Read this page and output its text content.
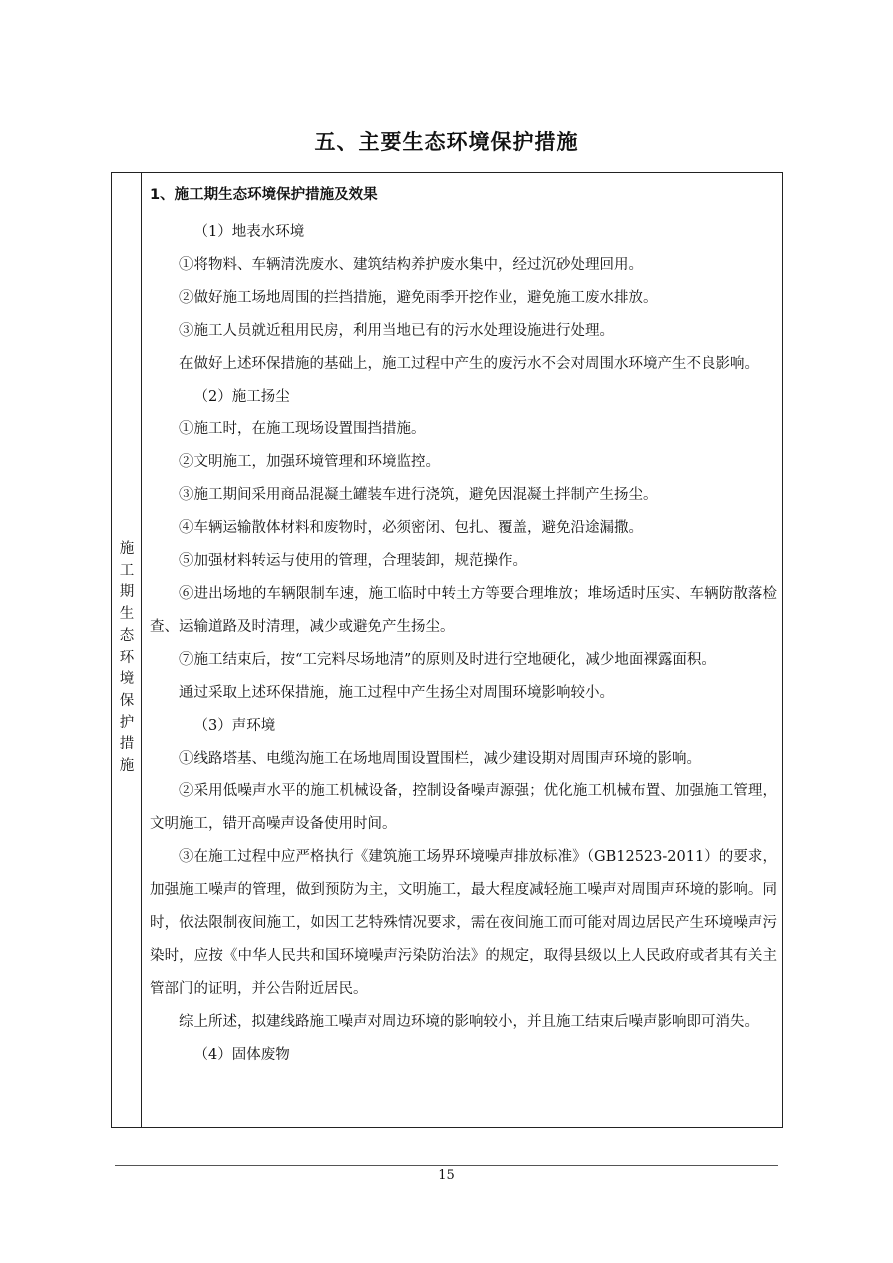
五、主要生态环境保护措施
施工期生态环境保护措施

1、施工期生态环境保护措施及效果

（1）地表水环境

①将物料、车辆清洗废水、建筑结构养护废水集中，经过沉砂处理回用。

②做好施工场地周围的拦挡措施，避免雨季开挖作业，避免施工废水排放。

③施工人员就近租用民房，利用当地已有的污水处理设施进行处理。

在做好上述环保措施的基础上，施工过程中产生的废污水不会对周围水环境产生不良影响。

（2）施工扬尘

①施工时，在施工现场设置围挡措施。

②文明施工，加强环境管理和环境监控。

③施工期间采用商品混凝土罐装车进行浇筑，避免因混凝土拌制产生扬尘。

④车辆运输散体材料和废物时，必须密闭、包扎、覆盖，避免沿途漏撒。

⑤加强材料转运与使用的管理，合理装卸，规范操作。

⑥进出场地的车辆限制车速，施工临时中转土方等要合理堆放；堆场适时压实、车辆防散落检查、运输道路及时清理，减少或避免产生扬尘。

⑦施工结束后，按“工完料尽场地清”的原则及时进行空地硬化，减少地面裸露面积。

通过采取上述环保措施，施工过程中产生扬尘对周围环境影响较小。

（3）声环境

①线路塔基、电缆沟施工在场地周围设置围栏，减少建设期对周围声环境的影响。

②采用低噪声水平的施工机械设备，控制设备噪声源强；优化施工机械布置、加强施工管理，文明施工，错开高噪声设备使用时间。

③在施工过程中应严格执行《建筑施工场界环境噪声排放标准》（GB12523-2011）的要求，加强施工噪声的管理，做到预防为主，文明施工，最大程度减轻施工噪声对周围声环境的影响。同时，依法限制夜间施工，如因工艺特殊情况要求，需在夜间施工而可能对周边居民产生环境噪声污染时，应按《中华人民共和国环境噪声污染防治法》的规定，取得县级以上人民政府或者其有关主管部门的证明，并公告附近居民。

综上所述，拟建线路施工噪声对周边环境的影响较小，并且施工结束后噪声影响即可消失。

（4）固体废物

15
